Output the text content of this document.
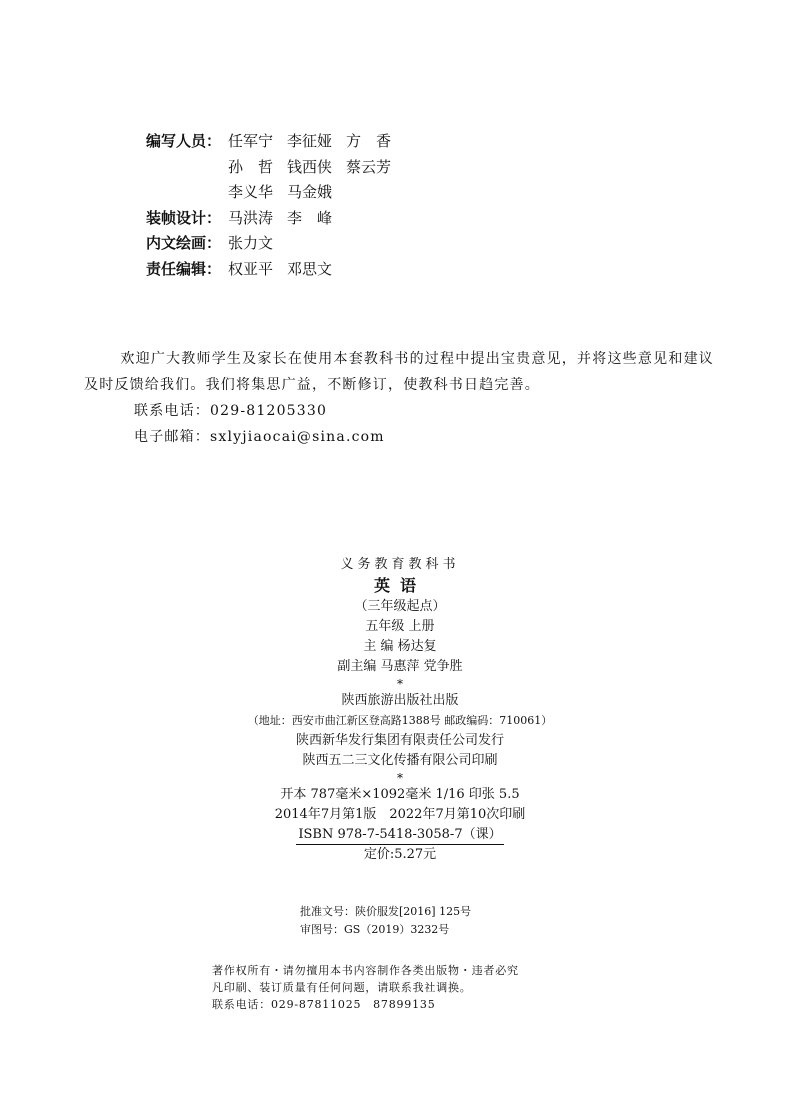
编写人员： 任军宁 李征娅 方　香
孙　哲 钱西侠 蔡云芳
李义华 马金娥
装帧设计： 马洪涛 李　峰
内文绘画： 张力文
责任编辑： 权亚平 邓思文

欢迎广大教师学生及家长在使用本套教科书的过程中提出宝贵意见，并将这些意见和建议及时反馈给我们。我们将集思广益，不断修订，使教科书日趋完善。

联系电话：029-81205330
电子邮箱：sxlyjiaocai@sina.com
义务教育教科书
英语
（三年级起点）
五年级 上册
主 编 杨达复
副主编 马惠萍 党争胜
*
陕西旅游出版社出版
（地址：西安市曲江新区登高路1388号 邮政编码：710061）
陕西新华发行集团有限责任公司发行
陕西五二三文化传播有限公司印刷
*
开本 787毫米×1092毫米 1/16 印张 5.5
2014年7月第1版　2022年7月第10次印刷
ISBN 978-7-5418-3058-7（课）
定价:5.27元
批准文号：陕价服发[2016] 125号
审图号：GS（2019）3232号
著作权所有・请勿擅用本书内容制作各类出版物・违者必究
凡印刷、装订质量有任何问题，请联系我社调换。
联系电话：029-87811025　87899135
